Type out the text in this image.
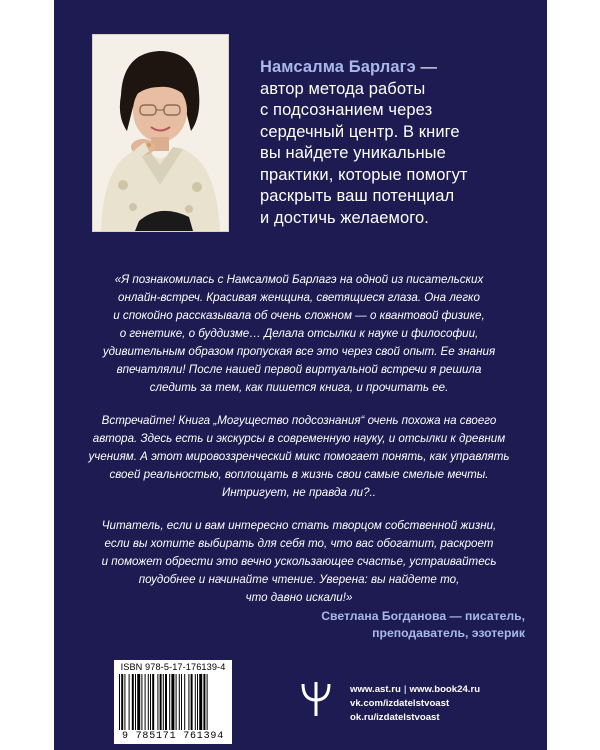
Намсалма Барлагэ —
автор метода работы
с подсознанием через
сердечный центр. В книге
вы найдете уникальные
практики, которые помогут
раскрыть ваш потенциал
и достичь желаемого.

«Я познакомилась с Намсалмой Барлагэ на одной из писательских
онлайн-встреч. Красивая женщина, светящиеся глаза. Она легко
и спокойно рассказывала об очень сложном — о квантовой физике,
о генетике, о буддизме… Делала отсылки к науке и философии,
удивительным образом пропуская все это через свой опыт. Ее знания
впечатляли! После нашей первой виртуальной встречи я решила
следить за тем, как пишется книга, и прочитать ее.

Встречайте! Книга „Могущество подсознания“ очень похожа на своего
автора. Здесь есть и экскурсы в современную науку, и отсылки к древним
учениям. А этот мировоззренческий микс помогает понять, как управлять
своей реальностью, воплощать в жизнь свои самые смелые мечты.
Интригует, не правда ли?..

Читатель, если и вам интересно стать творцом собственной жизни,
если вы хотите выбирать для себя то, что вас обогатит, раскроет
и поможет обрести это вечно ускользающее счастье, устраивайтесь
поудобнее и начинайте чтение. Уверена: вы найдете то,
что давно искали!»

Светлана Богданова — писатель,
преподаватель, эзотерик
ISBN 978-5-17-176139-4
9 785171 761394
www.ast.ru | www.book24.ru
vk.com/izdatelstvoast
ok.ru/izdatelstvoast
